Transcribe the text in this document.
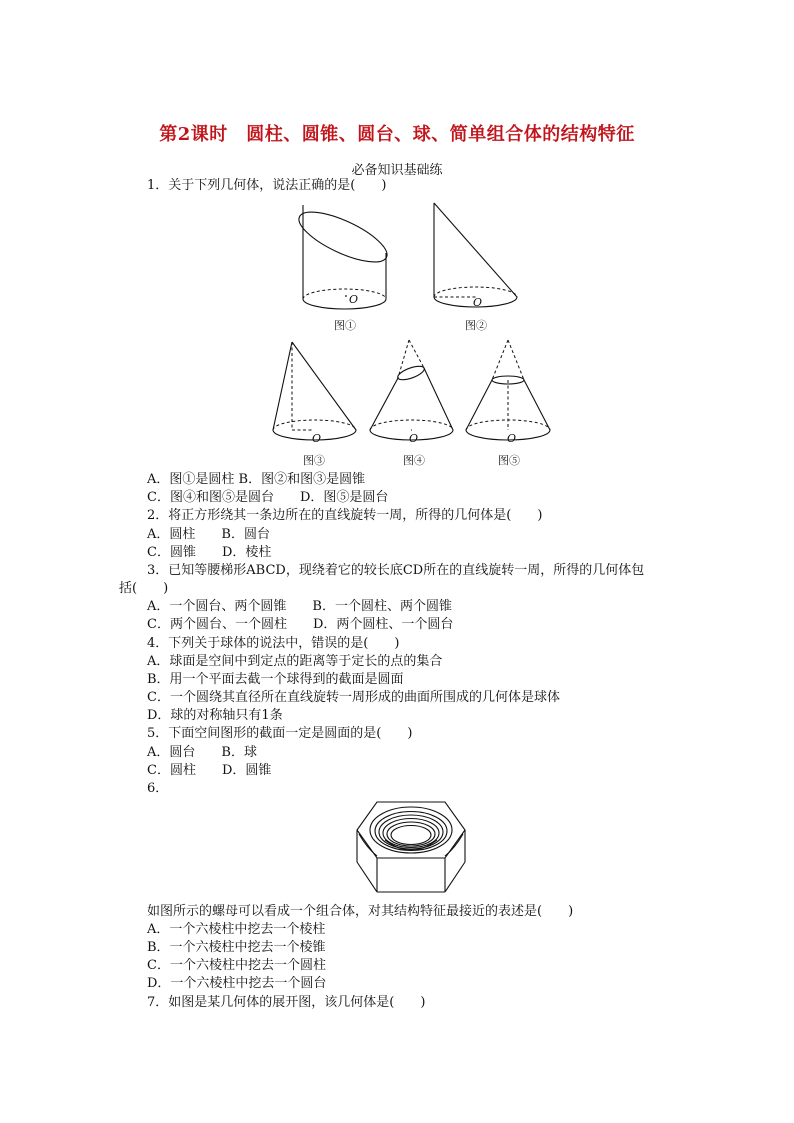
第2课时　圆柱、圆锥、圆台、球、简单组合体的结构特征
必备知识基础练
1．关于下列几何体，说法正确的是(　　)
O
图①
O
图②
O
图③
O
图④
O
图⑤
A．图①是圆柱 B．图②和图③是圆锥
C．图④和图⑤是圆台　　D．图⑤是圆台
2．将正方形绕其一条边所在的直线旋转一周，所得的几何体是(　　)
A．圆柱　　B．圆台
C．圆锥　　D．棱柱
3．已知等腰梯形ABCD，现绕着它的较长底CD所在的直线旋转一周，所得的几何体包
括(　　)
A．一个圆台、两个圆锥　　B．一个圆柱、两个圆锥
C．两个圆台、一个圆柱　　D．两个圆柱、一个圆台
4．下列关于球体的说法中，错误的是(　　)
A．球面是空间中到定点的距离等于定长的点的集合
B．用一个平面去截一个球得到的截面是圆面
C．一个圆绕其直径所在直线旋转一周形成的曲面所围成的几何体是球体
D．球的对称轴只有1条
5．下面空间图形的截面一定是圆面的是(　　)
A．圆台　　B．球
C．圆柱　　D．圆锥
6．
如图所示的螺母可以看成一个组合体，对其结构特征最接近的表述是(　　)
A．一个六棱柱中挖去一个棱柱
B．一个六棱柱中挖去一个棱锥
C．一个六棱柱中挖去一个圆柱
D．一个六棱柱中挖去一个圆台
7．如图是某几何体的展开图，该几何体是(　　)
